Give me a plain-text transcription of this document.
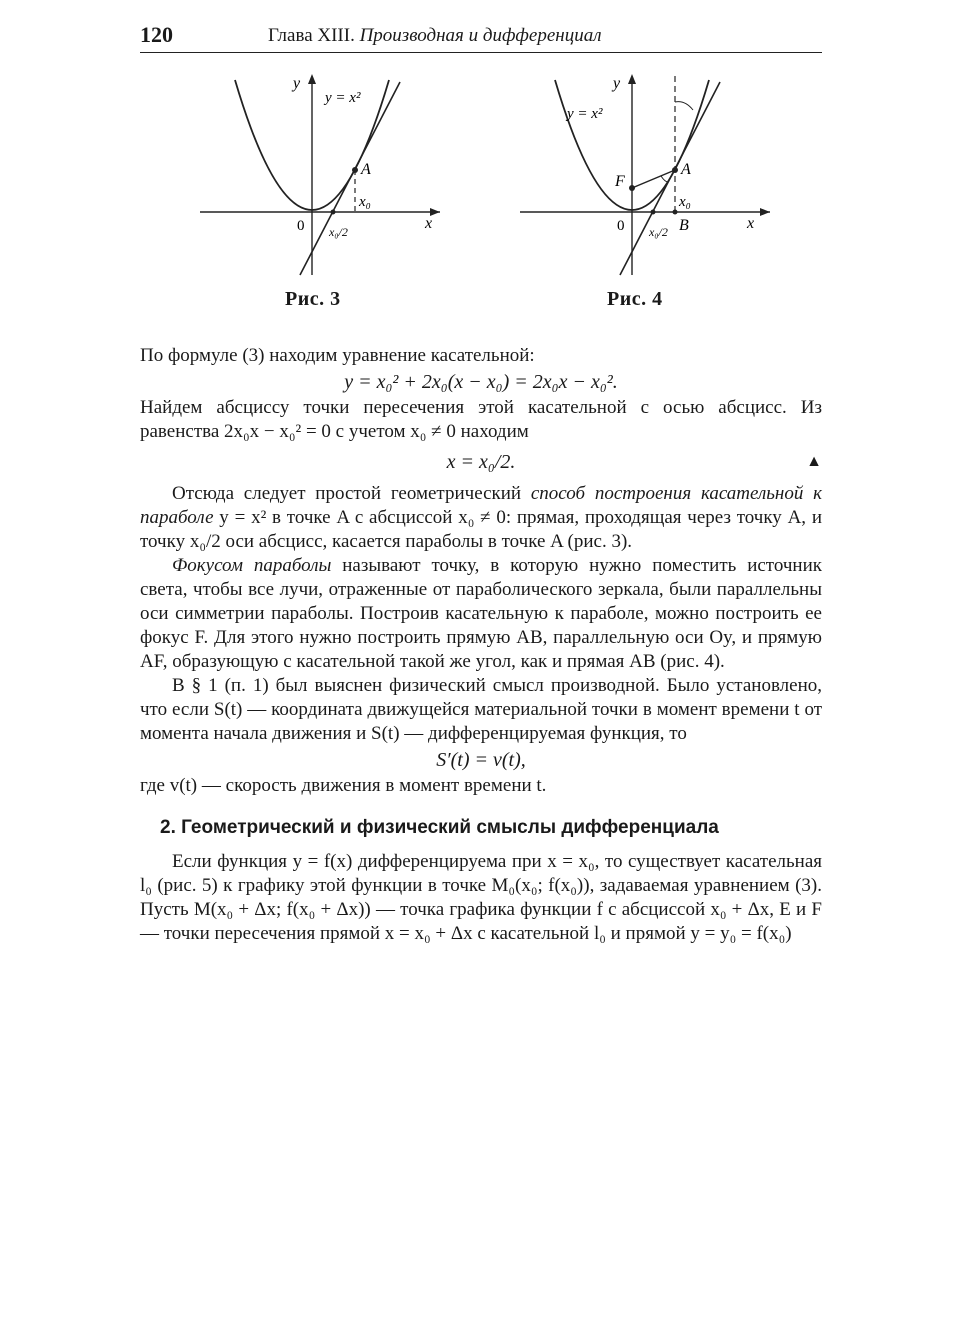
120	Глава XIII. Производная и дифференциал
y
y = x²
A
x₀
0 x₀/2	x
Рис. 3
y
y = x²
A
F
x₀
0 x₀/2 B	x
Рис. 4

По формуле (3) находим уравнение касательной:

y = x₀² + 2x₀(x − x₀) = 2x₀x − x₀².

Найдем абсциссу точки пересечения этой касательной с осью абсцисс. Из равенства 2x₀x − x₀² = 0 с учетом x₀ ≠ 0 находим

x = x₀/2.	▲

Отсюда следует простой геометрический способ построения касательной к параболе y = x² в точке A с абсциссой x₀ ≠ 0: прямая, проходящая через точку A, и точку x₀/2 оси абсцисс, касается параболы в точке A (рис. 3).

Фокусом параболы называют точку, в которую нужно поместить источник света, чтобы все лучи, отраженные от параболического зеркала, были параллельны оси симметрии параболы. Построив касательную к параболе, можно построить ее фокус F. Для этого нужно построить прямую AB, параллельную оси Oy, и прямую AF, образующую с касательной такой же угол, как и прямая AB (рис. 4).

В § 1 (п. 1) был выяснен физический смысл производной. Было установлено, что если S(t) — координата движущейся материальной точки в момент времени t от момента начала движения и S(t) — дифференцируемая функция, то

S′(t) = v(t),

где v(t) — скорость движения в момент времени t.

2. Геометрический и физический смыслы дифференциала

Если функция y = f(x) дифференцируема при x = x₀, то существует касательная l₀ (рис. 5) к графику этой функции в точке M₀(x₀; f(x₀)), задаваемая уравнением (3). Пусть M(x₀ + Δx; f(x₀ + Δx)) — точка графика функции f с абсциссой x₀ + Δx, E и F — точки пересечения прямой x = x₀ + Δx с касательной l₀ и прямой y = y₀ = f(x₀)
